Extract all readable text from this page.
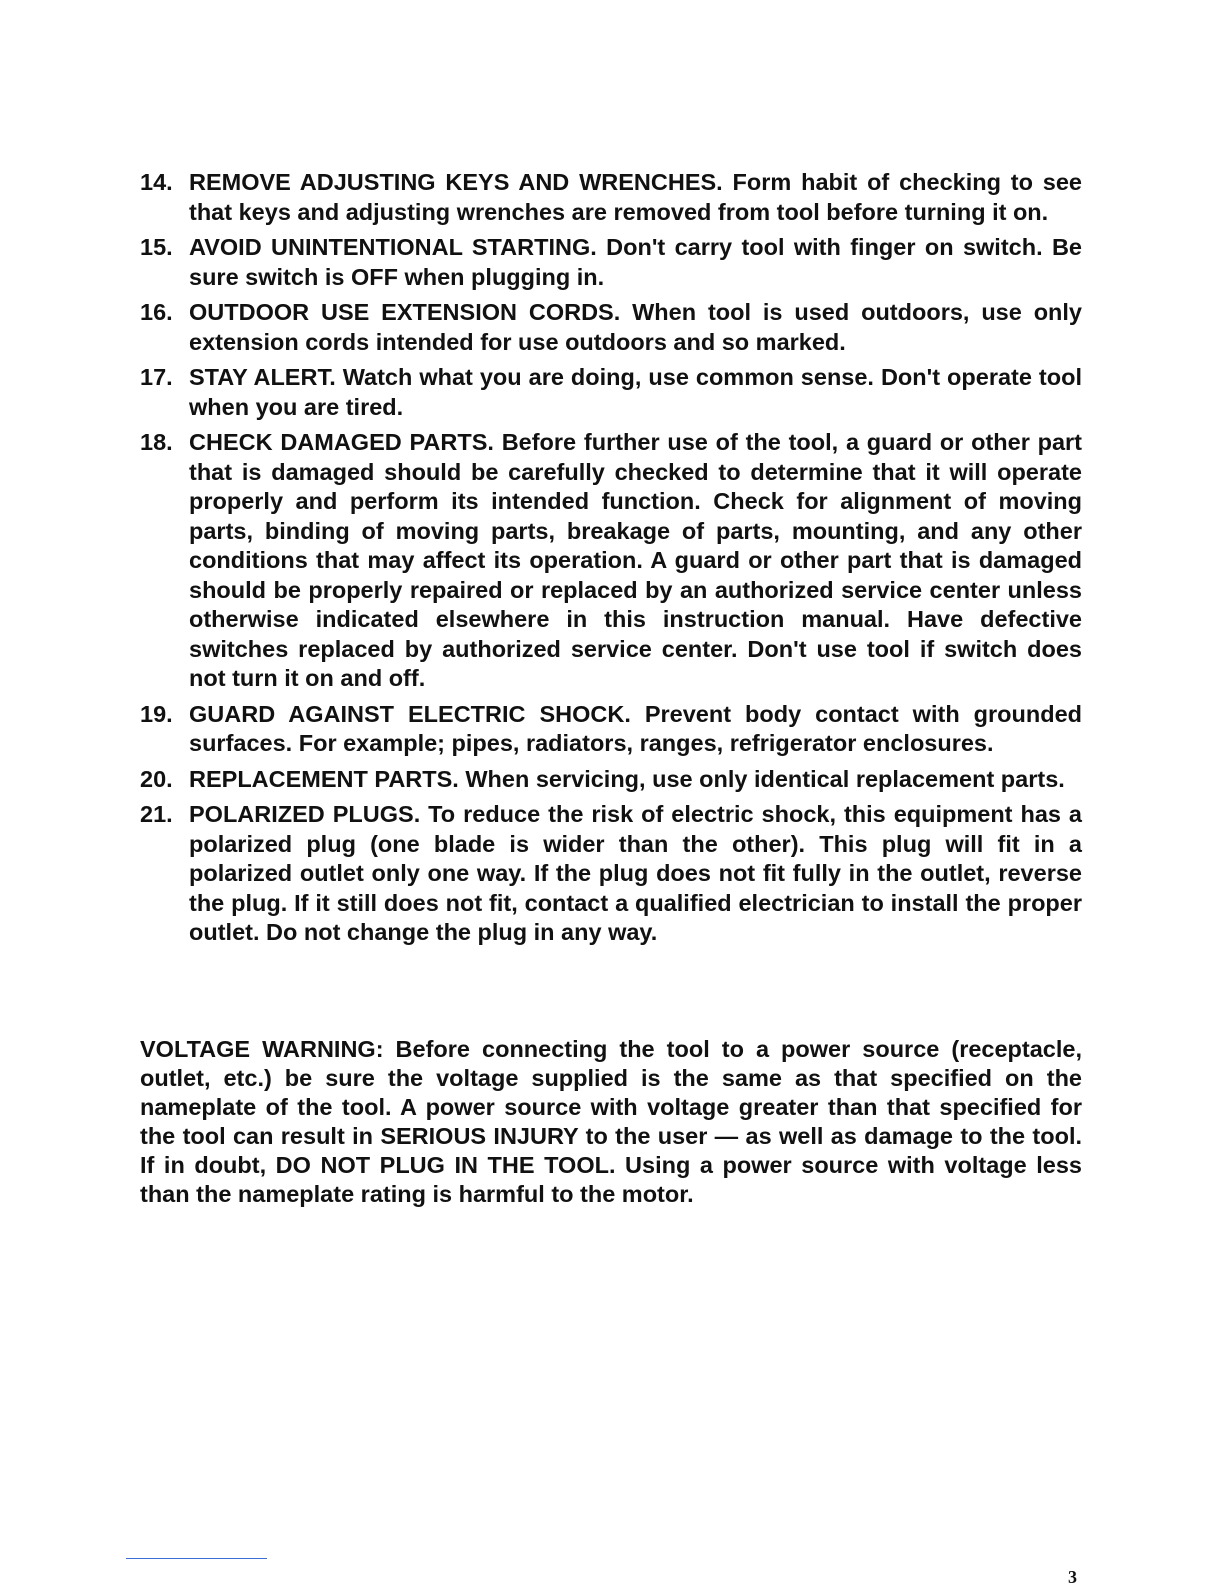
14. REMOVE ADJUSTING KEYS AND WRENCHES. Form habit of checking to see that keys and adjusting wrenches are removed from tool before turning it on.
15. AVOID UNINTENTIONAL STARTING. Don't carry tool with finger on switch. Be sure switch is OFF when plugging in.
16. OUTDOOR USE EXTENSION CORDS. When tool is used outdoors, use only extension cords intended for use outdoors and so marked.
17. STAY ALERT. Watch what you are doing, use common sense. Don't operate tool when you are tired.
18. CHECK DAMAGED PARTS. Before further use of the tool, a guard or other part that is damaged should be carefully checked to determine that it will operate properly and perform its intended function. Check for alignment of moving parts, binding of moving parts, breakage of parts, mounting, and any other conditions that may affect its operation. A guard or other part that is damaged should be properly repaired or replaced by an authorized service center unless otherwise indicated elsewhere in this instruction manual. Have defective switches replaced by authorized service center. Don't use tool if switch does not turn it on and off.
19. GUARD AGAINST ELECTRIC SHOCK. Prevent body contact with grounded surfaces. For example; pipes, radiators, ranges, refrigerator enclosures.
20. REPLACEMENT PARTS. When servicing, use only identical replacement parts.
21. POLARIZED PLUGS. To reduce the risk of electric shock, this equipment has a polarized plug (one blade is wider than the other). This plug will fit in a polarized outlet only one way. If the plug does not fit fully in the outlet, reverse the plug. If it still does not fit, contact a qualified electrician to install the proper outlet. Do not change the plug in any way.

VOLTAGE WARNING: Before connecting the tool to a power source (receptacle, outlet, etc.) be sure the voltage supplied is the same as that specified on the nameplate of the tool. A power source with voltage greater than that specified for the tool can result in SERIOUS INJURY to the user — as well as damage to the tool. If in doubt, DO NOT PLUG IN THE TOOL. Using a power source with voltage less than the nameplate rating is harmful to the motor.

3
